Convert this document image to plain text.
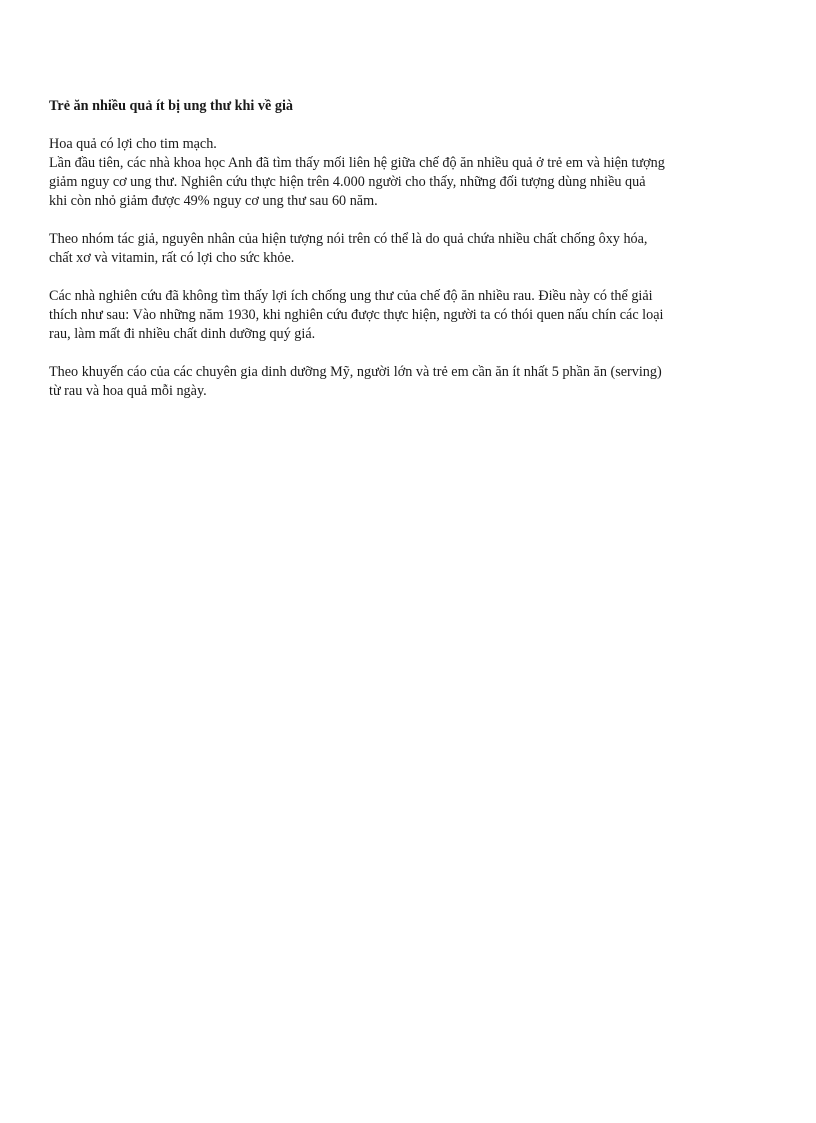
Trẻ ăn nhiều quả ít bị ung thư khi về già
Hoa quả có lợi cho tim mạch.
Lần đầu tiên, các nhà khoa học Anh đã tìm thấy mối liên hệ giữa chế độ ăn nhiều quả ở trẻ em và hiện tượng
giảm nguy cơ ung thư. Nghiên cứu thực hiện trên 4.000 người cho thấy, những đối tượng dùng nhiều quả
khi còn nhỏ giảm được 49% nguy cơ ung thư sau 60 năm.
Theo nhóm tác giả, nguyên nhân của hiện tượng nói trên có thể là do quả chứa nhiều chất chống ôxy hóa,
chất xơ và vitamin, rất có lợi cho sức khỏe.
Các nhà nghiên cứu đã không tìm thấy lợi ích chống ung thư của chế độ ăn nhiều rau. Điều này có thể giải
thích như sau: Vào những năm 1930, khi nghiên cứu được thực hiện, người ta có thói quen nấu chín các loại
rau, làm mất đi nhiều chất dinh dưỡng quý giá.
Theo khuyến cáo của các chuyên gia dinh dưỡng Mỹ, người lớn và trẻ em cần ăn ít nhất 5 phần ăn (serving)
từ rau và hoa quả mỗi ngày.
